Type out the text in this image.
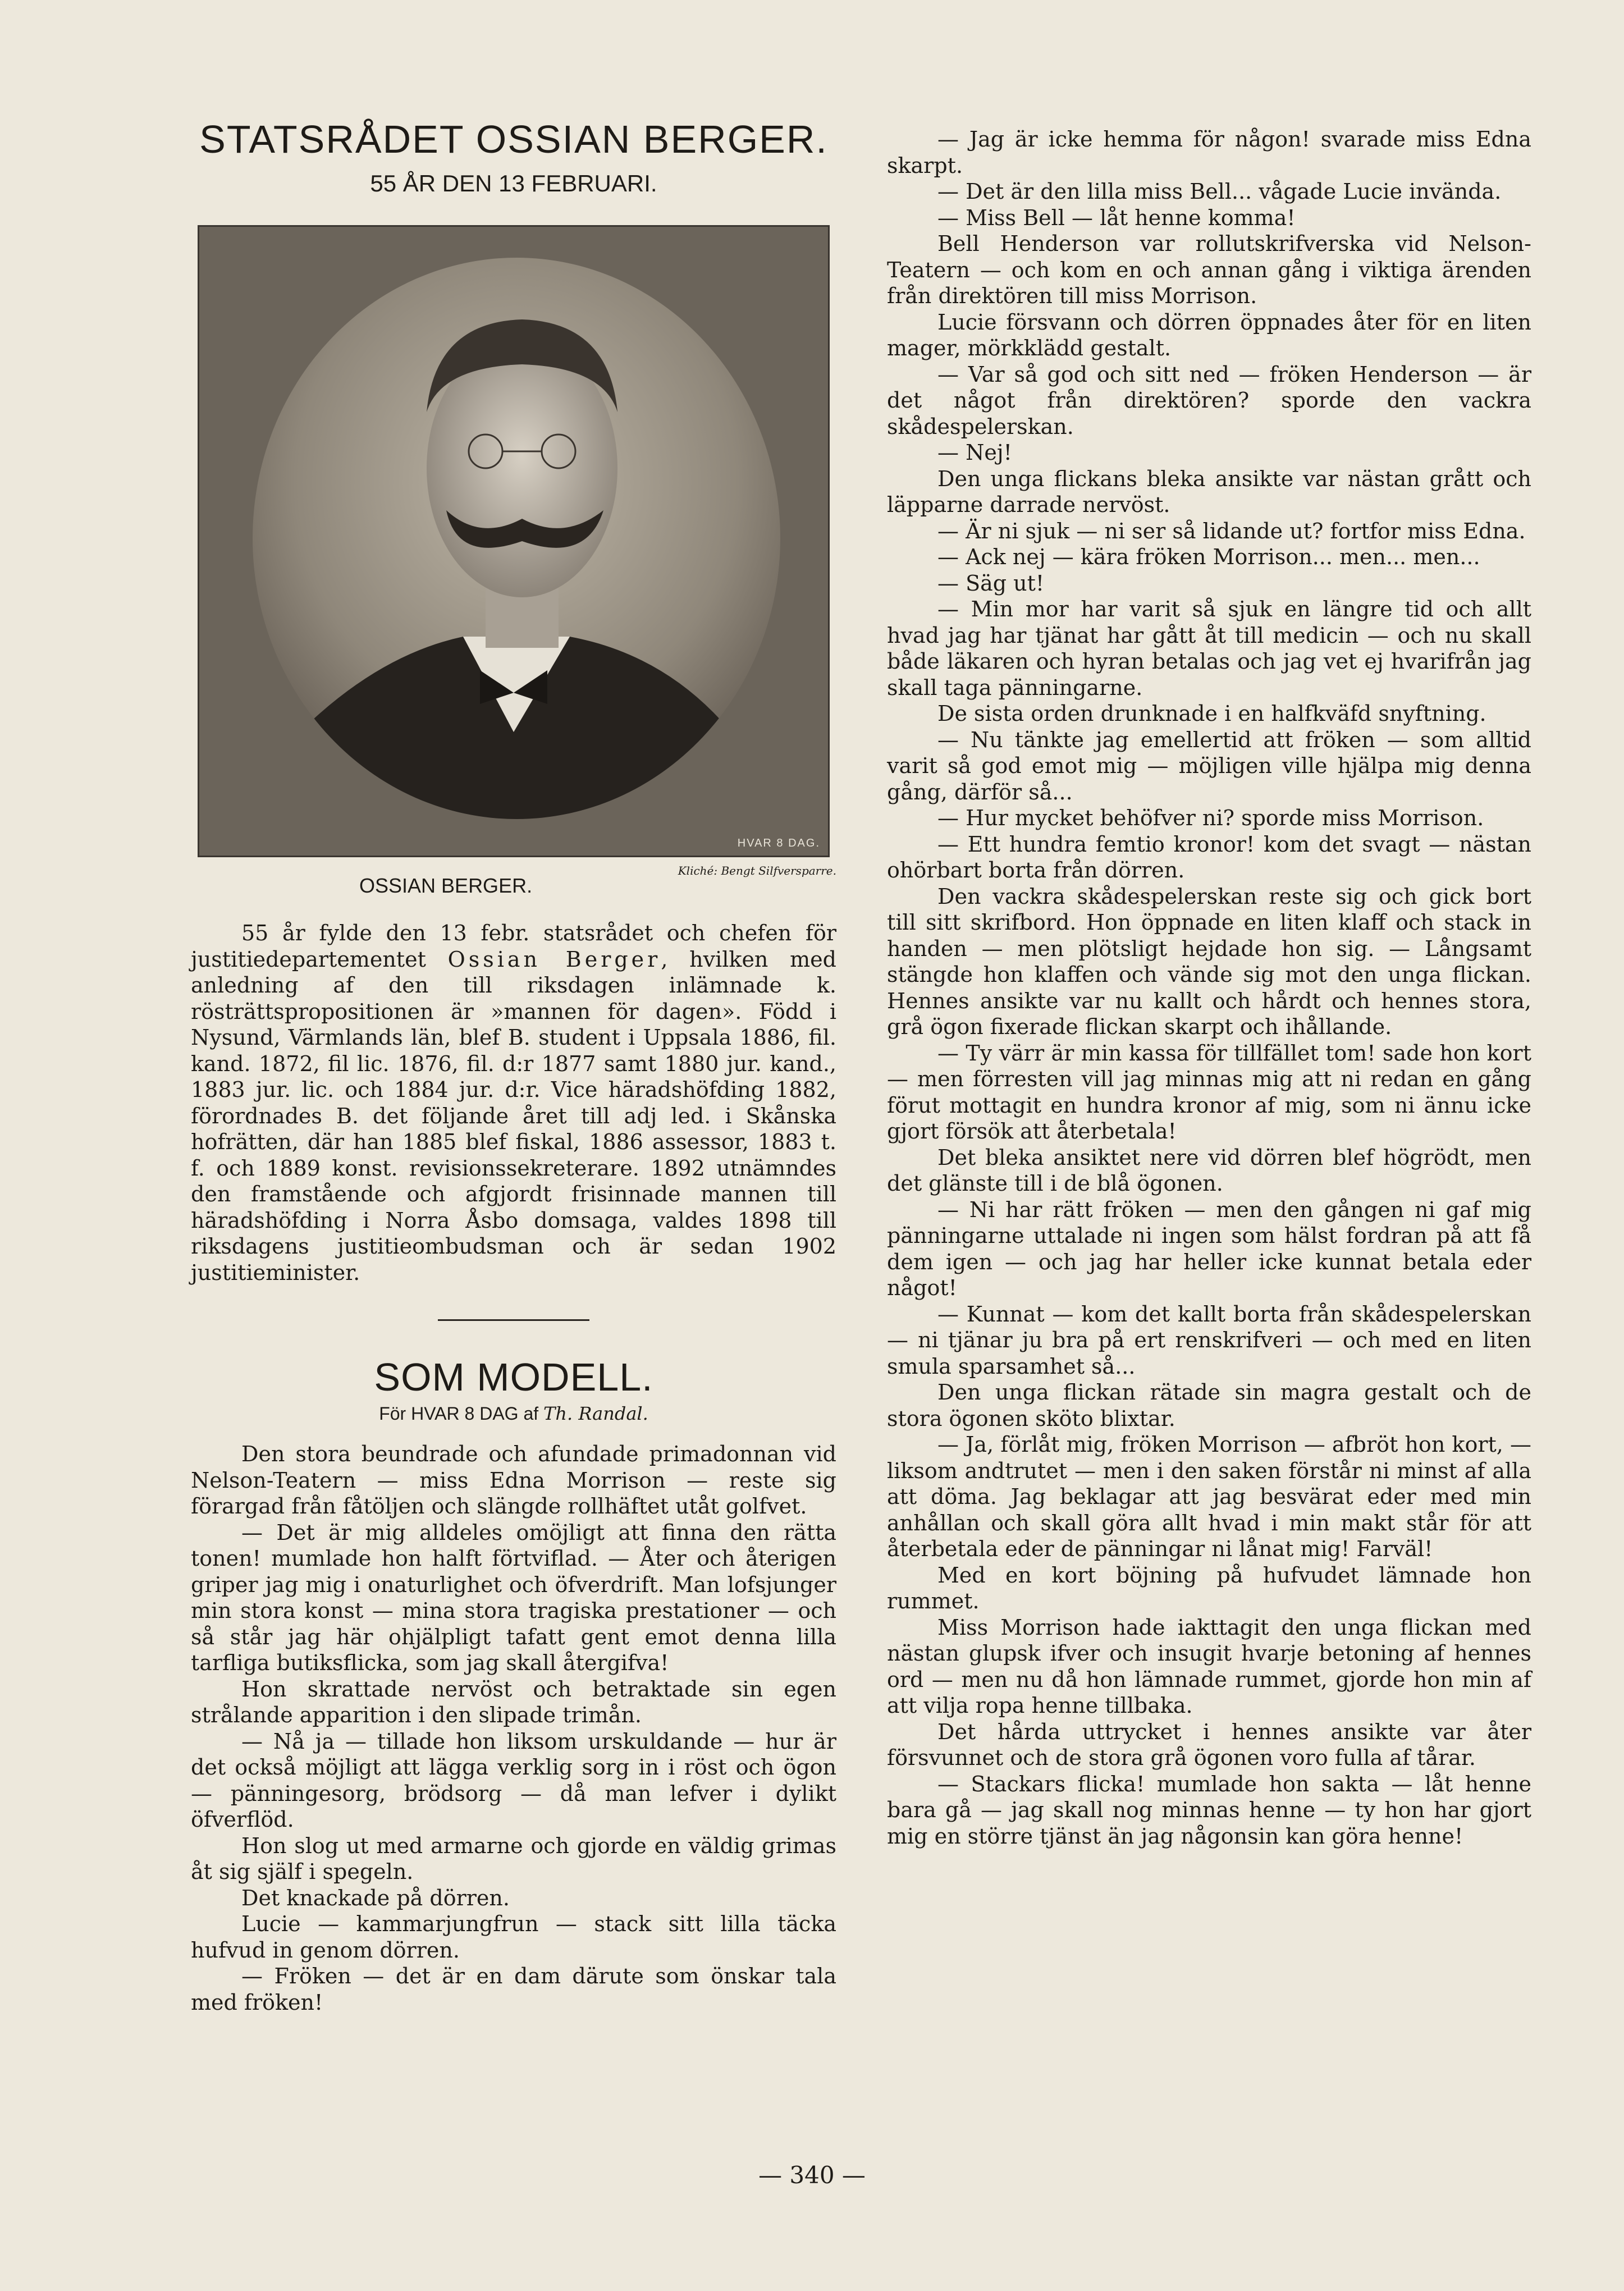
STATSRÅDET OSSIAN BERGER.
55 ÅR DEN 13 FEBRUARI.
HVAR 8 DAG.
OSSIAN BERGER.
Kliché: Bengt Silfversparre.

55 år fylde den 13 febr. statsrådet och chefen för justitiedepartementet Ossian Berger, hvilken med anledning af den till riksdagen inlämnade k. rösträttspropositionen är »mannen för dagen». Född i Nysund, Värmlands län, blef B. student i Uppsala 1886, fil. kand. 1872, fil lic. 1876, fil. d:r 1877 samt 1880 jur. kand., 1883 jur. lic. och 1884 jur. d:r. Vice häradshöfding 1882, förordnades B. det följande året till adj led. i Skånska hofrätten, där han 1885 blef fiskal, 1886 assessor, 1883 t. f. och 1889 konst. revisionssekreterare. 1892 utnämndes den framstående och afgjordt frisinnade mannen till häradshöfding i Norra Åsbo domsaga, valdes 1898 till riksdagens justitieombudsman och är sedan 1902 justitieminister.

SOM MODELL.
För HVAR 8 DAG af Th. Randal.

Den stora beundrade och afundade primadonnan vid Nelson-Teatern — miss Edna Morrison — reste sig förargad från fåtöljen och slängde rollhäftet utåt golfvet.

— Det är mig alldeles omöjligt att finna den rätta tonen! mumlade hon halft förtviflad. — Åter och återigen griper jag mig i onaturlighet och öfverdrift. Man lofsjunger min stora konst — mina stora tragiska prestationer — och så står jag här ohjälpligt tafatt gent emot denna lilla tarfliga butiksflicka, som jag skall återgifva!

Hon skrattade nervöst och betraktade sin egen strålande apparition i den slipade trimån.

— Nå ja — tillade hon liksom urskuldande — hur är det också möjligt att lägga verklig sorg in i röst och ögon — pänningesorg, brödsorg — då man lefver i dylikt öfverflöd.

Hon slog ut med armarne och gjorde en väldig grimas åt sig själf i spegeln.

Det knackade på dörren.

Lucie — kammarjungfrun — stack sitt lilla täcka hufvud in genom dörren.

— Fröken — det är en dam därute som önskar tala med fröken!

— Jag är icke hemma för någon! svarade miss Edna skarpt.

— Det är den lilla miss Bell... vågade Lucie invända.

— Miss Bell — låt henne komma!

Bell Henderson var rollutskrifverska vid Nelson-Teatern — och kom en och annan gång i viktiga ärenden från direktören till miss Morrison.

Lucie försvann och dörren öppnades åter för en liten mager, mörkklädd gestalt.

— Var så god och sitt ned — fröken Henderson — är det något från direktören? sporde den vackra skådespelerskan.

— Nej!

Den unga flickans bleka ansikte var nästan grått och läpparne darrade nervöst.

— Är ni sjuk — ni ser så lidande ut? fortfor miss Edna.

— Ack nej — kära fröken Morrison... men... men...

— Säg ut!

— Min mor har varit så sjuk en längre tid och allt hvad jag har tjänat har gått åt till medicin — och nu skall både läkaren och hyran betalas och jag vet ej hvarifrån jag skall taga pänningarne.

De sista orden drunknade i en halfkväfd snyftning.

— Nu tänkte jag emellertid att fröken — som alltid varit så god emot mig — möjligen ville hjälpa mig denna gång, därför så...

— Hur mycket behöfver ni? sporde miss Morrison.

— Ett hundra femtio kronor! kom det svagt — nästan ohörbart borta från dörren.

Den vackra skådespelerskan reste sig och gick bort till sitt skrifbord. Hon öppnade en liten klaff och stack in handen — men plötsligt hejdade hon sig. — Långsamt stängde hon klaffen och vände sig mot den unga flickan. Hennes ansikte var nu kallt och hårdt och hennes stora, grå ögon fixerade flickan skarpt och ihållande.

— Ty värr är min kassa för tillfället tom! sade hon kort — men förresten vill jag minnas mig att ni redan en gång förut mottagit en hundra kronor af mig, som ni ännu icke gjort försök att återbetala!

Det bleka ansiktet nere vid dörren blef högrödt, men det glänste till i de blå ögonen.

— Ni har rätt fröken — men den gången ni gaf mig pänningarne uttalade ni ingen som hälst fordran på att få dem igen — och jag har heller icke kunnat betala eder något!

— Kunnat — kom det kallt borta från skådespelerskan — ni tjänar ju bra på ert renskrifveri — och med en liten smula sparsamhet så...

Den unga flickan rätade sin magra gestalt och de stora ögonen sköto blixtar.

— Ja, förlåt mig, fröken Morrison — afbröt hon kort, — liksom andtrutet — men i den saken förstår ni minst af alla att döma. Jag beklagar att jag besvärat eder med min anhållan och skall göra allt hvad i min makt står för att återbetala eder de pänningar ni lånat mig! Farväl!

Med en kort böjning på hufvudet lämnade hon rummet.

Miss Morrison hade iakttagit den unga flickan med nästan glupsk ifver och insugit hvarje betoning af hennes ord — men nu då hon lämnade rummet, gjorde hon min af att vilja ropa henne tillbaka.

Det hårda uttrycket i hennes ansikte var åter försvunnet och de stora grå ögonen voro fulla af tårar.

— Stackars flicka! mumlade hon sakta — låt henne bara gå — jag skall nog minnas henne — ty hon har gjort mig en större tjänst än jag någonsin kan göra henne!

— 340 —
